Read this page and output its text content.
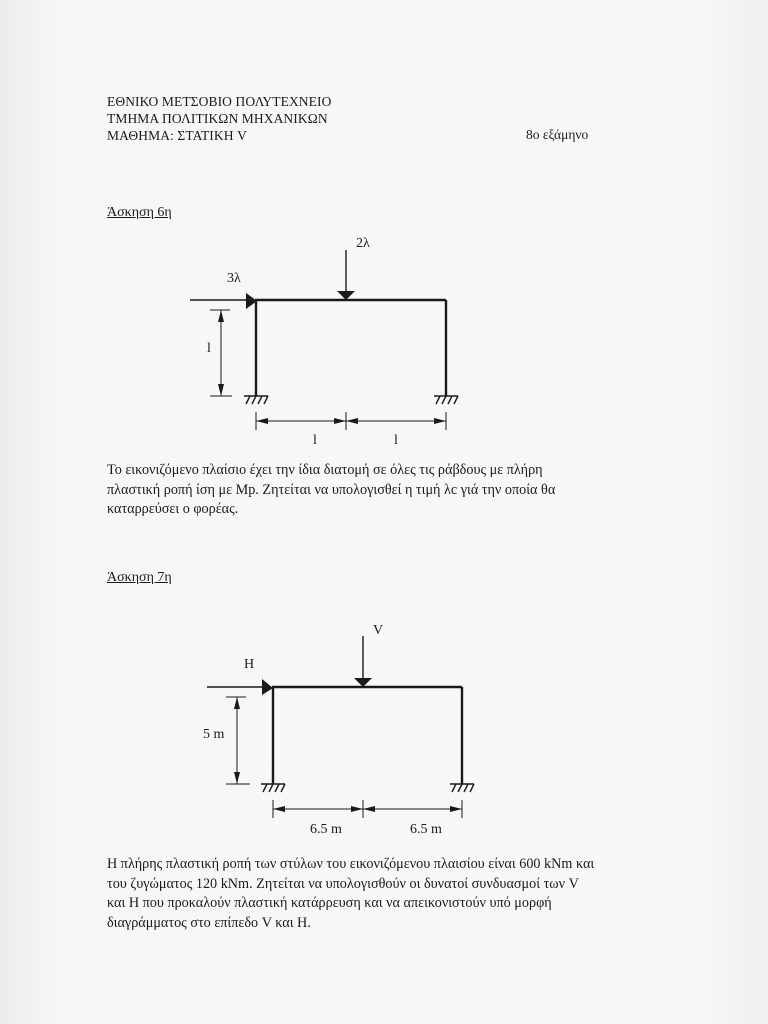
ΕΘΝΙΚΟ ΜΕΤΣΟΒΙΟ ΠΟΛΥΤΕΧΝΕΙΟ
ΤΜΗΜΑ ΠΟΛΙΤΙΚΩΝ ΜΗΧΑΝΙΚΩΝ
ΜΑΘΗΜΑ: ΣΤΑΤΙΚΗ V	8ο εξάμηνο
Άσκηση 6η
2λ
3λ
l
l	l
Το εικονιζόμενο πλαίσιο έχει την ίδια διατομή σε όλες τις ράβδους με πλήρη
πλαστική ροπή ίση με Mp. Ζητείται να υπολογισθεί η τιμή λc γιά την οποία θα
καταρρεύσει ο φορέας.
Άσκηση 7η
V
H
5 m
6.5 m	6.5 m
Η πλήρης πλαστική ροπή των στύλων του εικονιζόμενου πλαισίου είναι 600 kNm και
του ζυγώματος 120 kNm. Ζητείται να υπολογισθούν οι δυνατοί συνδυασμοί των V
και H που προκαλούν πλαστική κατάρρευση και να απεικονιστούν υπό μορφή
διαγράμματος στο επίπεδο V και H.
